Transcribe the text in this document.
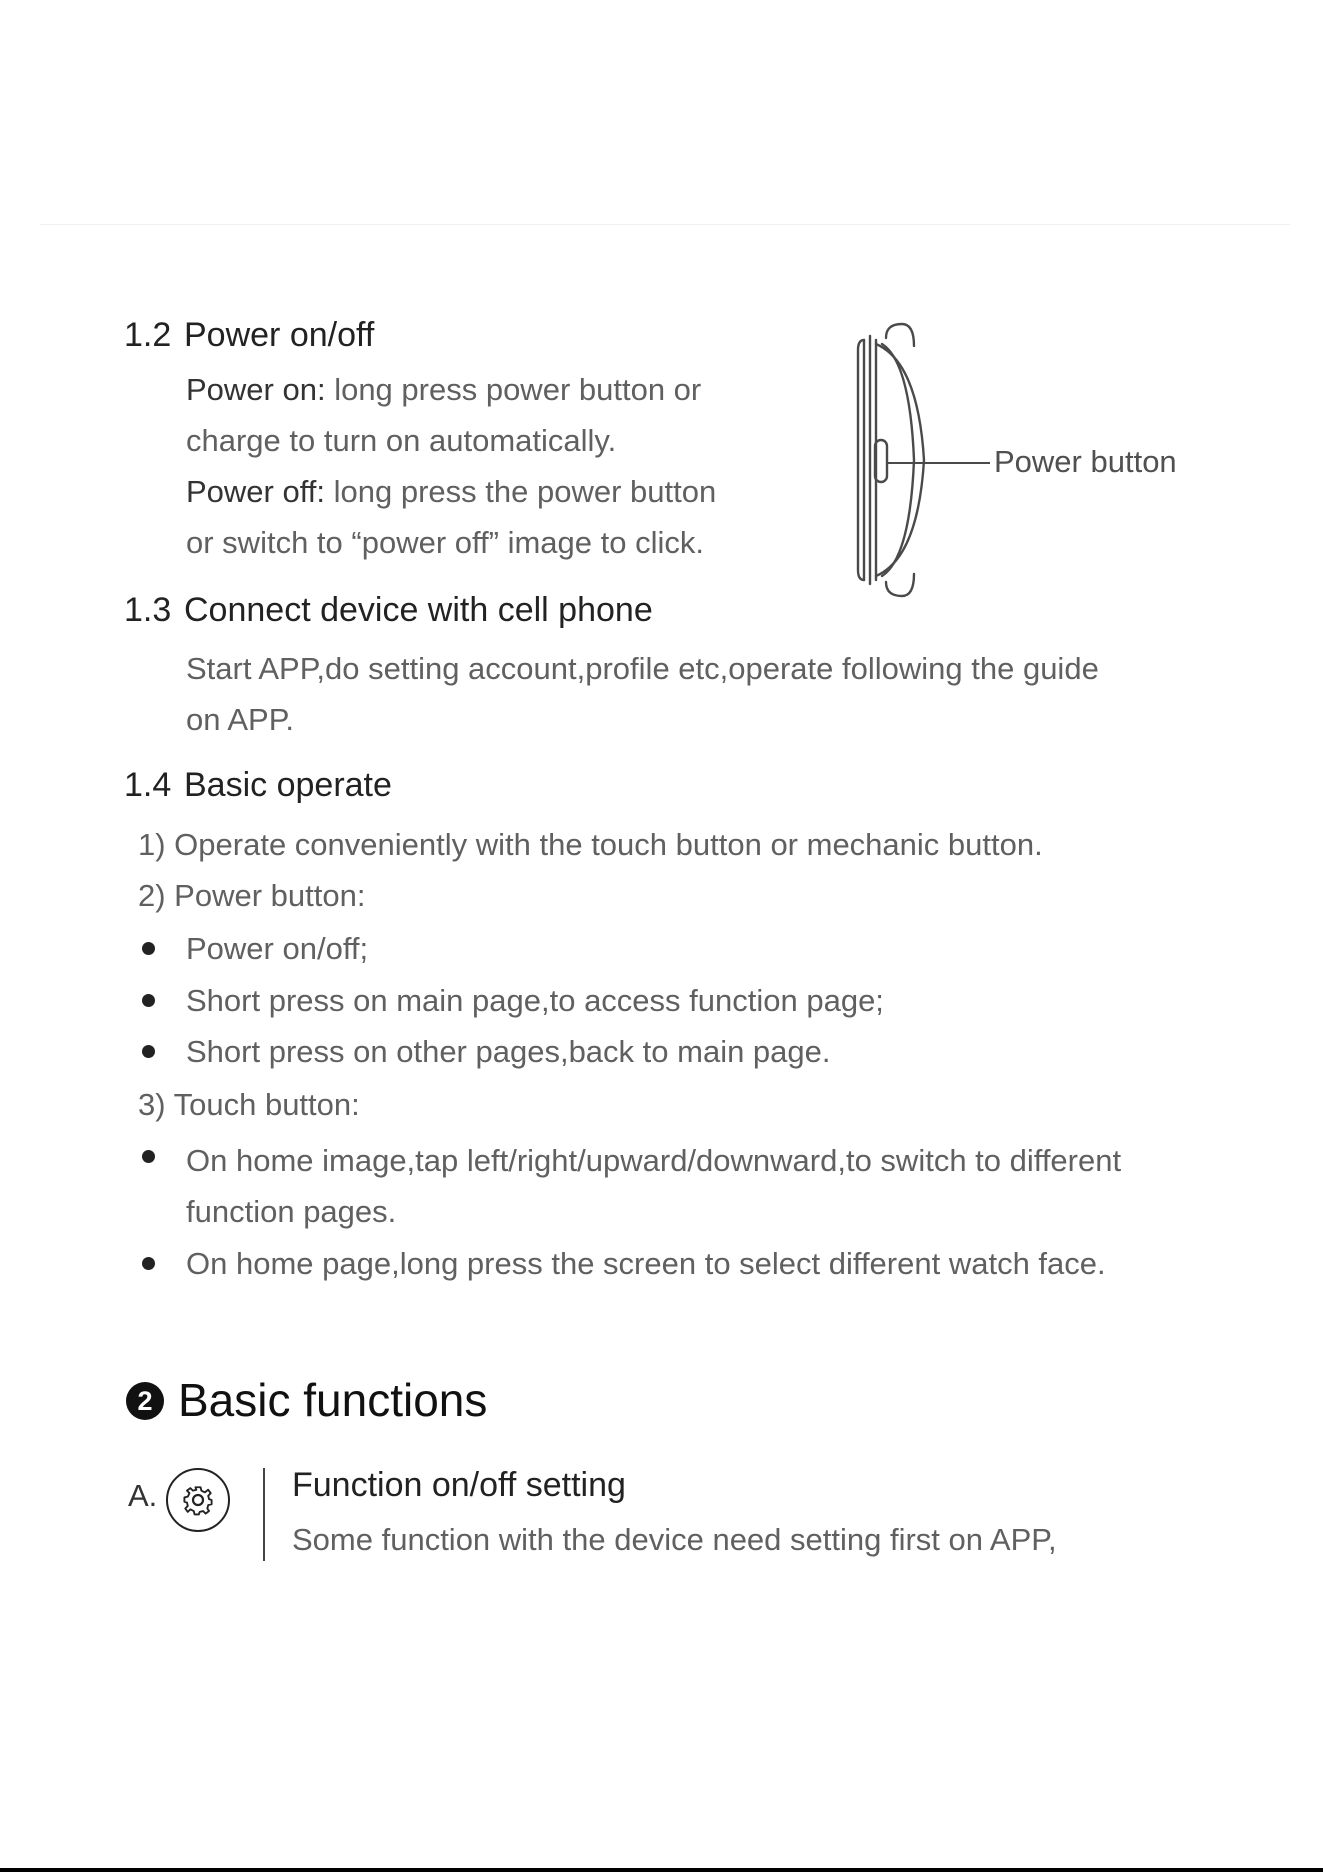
1.2 Power on/off
Power on: long press power button or
charge to turn on automatically.
Power off: long press the power button
or switch to “power off” image to click.
Power button
1.3 Connect device with cell phone
Start APP,do setting account,profile etc,operate following the guide
on APP.
1.4 Basic operate
1) Operate conveniently with the touch button or mechanic button.
2) Power button:
Power on/off;
Short press on main page,to access function page;
Short press on other pages,back to main page.
3) Touch button:
On home image,tap left/right/upward/downward,to switch to different
function pages.
On home page,long press the screen to select different watch face.
2 Basic functions
A.	Function on/off setting
Some function with the device need setting first on APP,
